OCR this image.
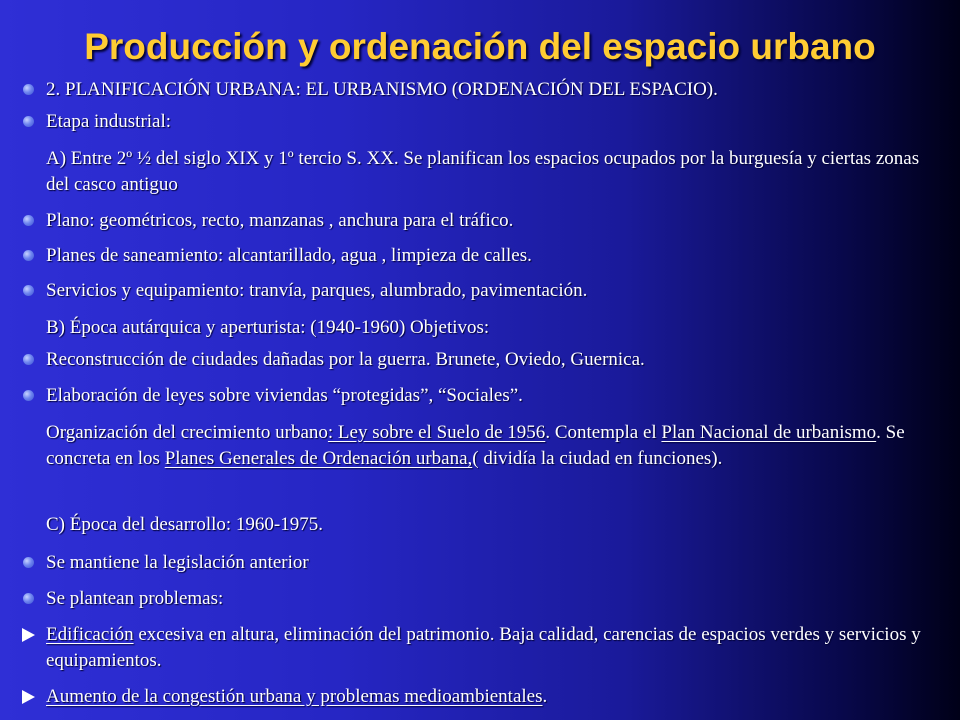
Producción y ordenación del espacio urbano
2. PLANIFICACIÓN URBANA: EL URBANISMO (ORDENACIÓN DEL ESPACIO).
Etapa industrial:
A) Entre 2º ½ del siglo XIX y 1º tercio S. XX. Se planifican los espacios ocupados por la burguesía y ciertas zonas del casco antiguo
Plano: geométricos, recto, manzanas , anchura para el tráfico.
Planes de saneamiento: alcantarillado, agua , limpieza de calles.
Servicios y equipamiento: tranvía, parques, alumbrado, pavimentación.
B) Época autárquica y aperturista: (1940-1960) Objetivos:
Reconstrucción de ciudades dañadas por la guerra. Brunete, Oviedo, Guernica.
Elaboración de leyes sobre viviendas “protegidas”, “Sociales”.
Organización del crecimiento urbano: Ley sobre el Suelo de 1956. Contempla el Plan Nacional de urbanismo. Se concreta en los Planes Generales de Ordenación urbana,( dividía la ciudad en funciones).
C) Época del desarrollo: 1960-1975.
Se mantiene la legislación anterior
Se plantean problemas:
Edificación excesiva en altura, eliminación del patrimonio. Baja calidad, carencias de espacios verdes y servicios y equipamientos.
Aumento de la congestión urbana y problemas medioambientales.
